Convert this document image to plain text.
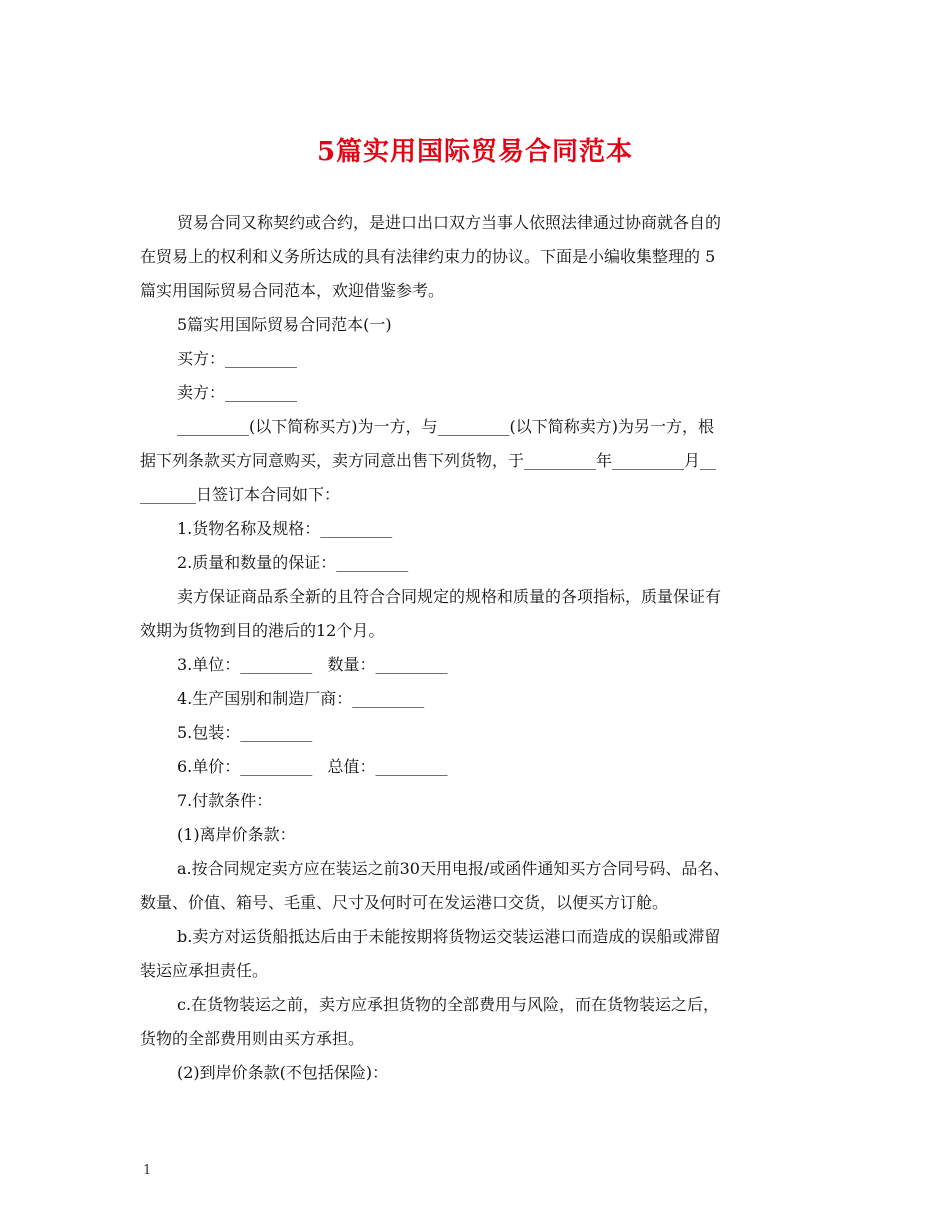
5篇实用国际贸易合同范本

贸易合同又称契约或合约，是进口出口双方当事人依照法律通过协商就各自的

在贸易上的权利和义务所达成的具有法律约束力的协议。下面是小编收集整理的 5

篇实用国际贸易合同范本，欢迎借鉴参考。

5篇实用国际贸易合同范本(一)

买方：_________

卖方：_________

_________(以下简称买方)为一方，与_________(以下简称卖方)为另一方，根

据下列条款买方同意购买，卖方同意出售下列货物，于_________年_________月__

_______日签订本合同如下：

1.货物名称及规格：_________

2.质量和数量的保证：_________

卖方保证商品系全新的且符合合同规定的规格和质量的各项指标，质量保证有

效期为货物到目的港后的12个月。

3.单位：_________   数量：_________

4.生产国别和制造厂商：_________

5.包装：_________

6.单价：_________   总值：_________

7.付款条件：

(1)离岸价条款：

a.按合同规定卖方应在装运之前30天用电报/或函件通知买方合同号码、品名、

数量、价值、箱号、毛重、尺寸及何时可在发运港口交货，以便买方订舱。

b.卖方对运货船抵达后由于未能按期将货物运交装运港口而造成的误船或滞留

装运应承担责任。

c.在货物装运之前，卖方应承担货物的全部费用与风险，而在货物装运之后，

货物的全部费用则由买方承担。

(2)到岸价条款(不包括保险)：

1
